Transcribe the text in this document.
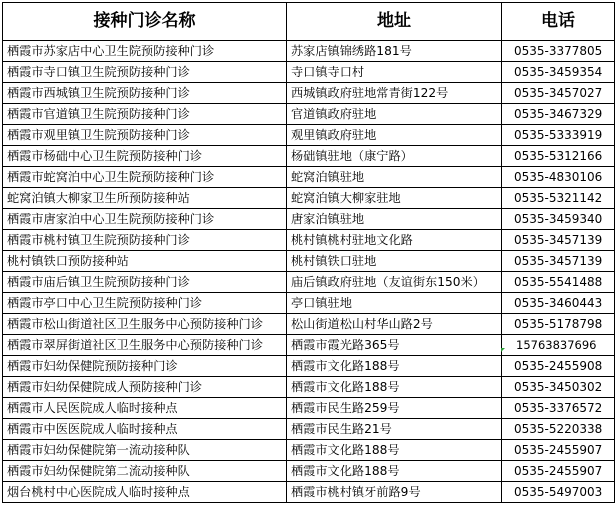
接种门诊名称	地址	电话
栖霞市苏家店中心卫生院预防接种门诊	苏家店镇锦绣路181号	0535-3377805
栖霞市寺口镇卫生院预防接种门诊	寺口镇寺口村	0535-3459354
栖霞市西城镇卫生院预防接种门诊	西城镇政府驻地常青街122号	0535-3457027
栖霞市官道镇卫生院预防接种门诊	官道镇政府驻地	0535-3467329
栖霞市观里镇卫生院预防接种门诊	观里镇政府驻地	0535-5333919
栖霞市杨础中心卫生院预防接种门诊	杨础镇驻地（康宁路）	0535-5312166
栖霞市蛇窝泊中心卫生院预防接种门诊	蛇窝泊镇驻地	0535-4830106
蛇窝泊镇大柳家卫生所预防接种站	蛇窝泊镇大柳家驻地	0535-5321142
栖霞市唐家泊中心卫生院预防接种门诊	唐家泊镇驻地	0535-3459340
栖霞市桃村镇卫生院预防接种门诊	桃村镇桃村驻地文化路	0535-3457139
桃村镇铁口预防接种站	桃村镇铁口驻地	0535-3457139
栖霞市庙后镇卫生院预防接种门诊	庙后镇政府驻地（友谊街东150米）	0535-5541488
栖霞市亭口中心卫生院预防接种门诊	亭口镇驻地	0535-3460443
栖霞市松山街道社区卫生服务中心预防接种门诊	松山街道松山村华山路2号	0535-5178798
栖霞市翠屏街道社区卫生服务中心预防接种门诊	栖霞市霞光路365号	15763837696
栖霞市妇幼保健院预防接种门诊	栖霞市文化路188号	0535-2455908
栖霞市妇幼保健院成人预防接种门诊	栖霞市文化路188号	0535-3450302
栖霞市人民医院成人临时接种点	栖霞市民生路259号	0535-3376572
栖霞市中医医院成人临时接种点	栖霞市民生路21号	0535-5220338
栖霞市妇幼保健院第一流动接种队	栖霞市文化路188号	0535-2455907
栖霞市妇幼保健院第二流动接种队	栖霞市文化路188号	0535-2455907
烟台桃村中心医院成人临时接种点	栖霞市桃村镇牙前路9号	0535-5497003
